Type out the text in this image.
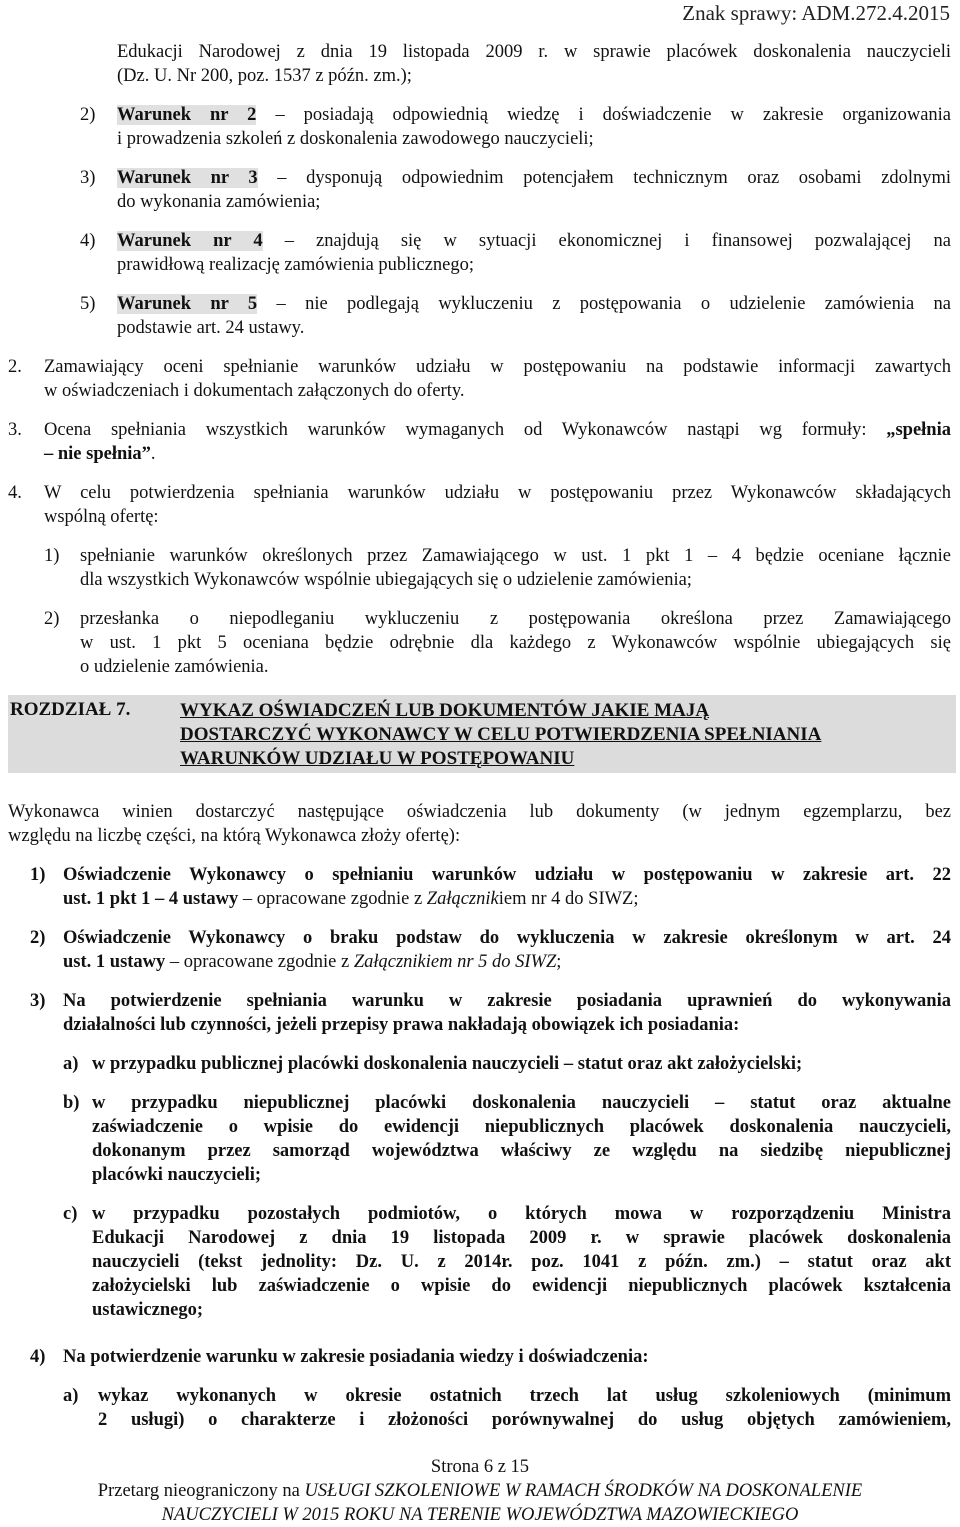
Znak sprawy: ADM.272.4.2015
Edukacji Narodowej z dnia 19 listopada 2009 r. w sprawie placówek doskonalenia nauczycieli
(Dz. U. Nr 200, poz. 1537 z późn. zm.);
2) Warunek nr 2 – posiadają odpowiednią wiedzę i doświadczenie w zakresie organizowania
i prowadzenia szkoleń z doskonalenia zawodowego nauczycieli;
3) Warunek nr 3 – dysponują odpowiednim potencjałem technicznym oraz osobami zdolnymi
do wykonania zamówienia;
4) Warunek nr 4 – znajdują się w sytuacji ekonomicznej i finansowej pozwalającej na
prawidłową realizację zamówienia publicznego;
5) Warunek nr 5 – nie podlegają wykluczeniu z postępowania o udzielenie zamówienia na
podstawie art. 24 ustawy.
2. Zamawiający oceni spełnianie warunków udziału w postępowaniu na podstawie informacji zawartych
w oświadczeniach i dokumentach załączonych do oferty.
3. Ocena spełniania wszystkich warunków wymaganych od Wykonawców nastąpi wg formuły: „spełnia
– nie spełnia”.
4. W celu potwierdzenia spełniania warunków udziału w postępowaniu przez Wykonawców składających
wspólną ofertę:
1) spełnianie warunków określonych przez Zamawiającego w ust. 1 pkt 1 – 4 będzie oceniane łącznie
dla wszystkich Wykonawców wspólnie ubiegających się o udzielenie zamówienia;
2) przesłanka o niepodleganiu wykluczeniu z postępowania określona przez Zamawiającego
w ust. 1 pkt 5 oceniana będzie odrębnie dla każdego z Wykonawców wspólnie ubiegających się
o udzielenie zamówienia.
ROZDZIAŁ 7.	WYKAZ OŚWIADCZEŃ LUB DOKUMENTÓW JAKIE MAJĄ
DOSTARCZYĆ WYKONAWCY W CELU POTWIERDZENIA SPEŁNIANIA
WARUNKÓW UDZIAŁU W POSTĘPOWANIU
Wykonawca winien dostarczyć następujące oświadczenia lub dokumenty (w jednym egzemplarzu, bez
względu na liczbę części, na którą Wykonawca złoży ofertę):
1) Oświadczenie Wykonawcy o spełnianiu warunków udziału w postępowaniu w zakresie art. 22
ust. 1 pkt 1 – 4 ustawy – opracowane zgodnie z Załącznikiem nr 4 do SIWZ;
2) Oświadczenie Wykonawcy o braku podstaw do wykluczenia w zakresie określonym w art. 24
ust. 1 ustawy – opracowane zgodnie z Załącznikiem nr 5 do SIWZ;
3) Na potwierdzenie spełniania warunku w zakresie posiadania uprawnień do wykonywania
działalności lub czynności, jeżeli przepisy prawa nakładają obowiązek ich posiadania:
a) w przypadku publicznej placówki doskonalenia nauczycieli – statut oraz akt założycielski;
b) w przypadku niepublicznej placówki doskonalenia nauczycieli – statut oraz aktualne
zaświadczenie o wpisie do ewidencji niepublicznych placówek doskonalenia nauczycieli,
dokonanym przez samorząd województwa właściwy ze względu na siedzibę niepublicznej
placówki nauczycieli;
c) w przypadku pozostałych podmiotów, o których mowa w rozporządzeniu Ministra
Edukacji Narodowej z dnia 19 listopada 2009 r. w sprawie placówek doskonalenia
nauczycieli (tekst jednolity: Dz. U. z 2014r. poz. 1041 z późn. zm.) – statut oraz akt
założycielski lub zaświadczenie o wpisie do ewidencji niepublicznych placówek kształcenia
ustawicznego;
4) Na potwierdzenie warunku w zakresie posiadania wiedzy i doświadczenia:
a) wykaz wykonanych w okresie ostatnich trzech lat usług szkoleniowych (minimum
2 usługi) o charakterze i złożoności porównywalnej do usług objętych zamówieniem,
Strona 6 z 15
Przetarg nieograniczony na USŁUGI SZKOLENIOWE W RAMACH ŚRODKÓW NA DOSKONALENIE
NAUCZYCIELI W 2015 ROKU NA TERENIE WOJEWÓDZTWA MAZOWIECKIEGO
